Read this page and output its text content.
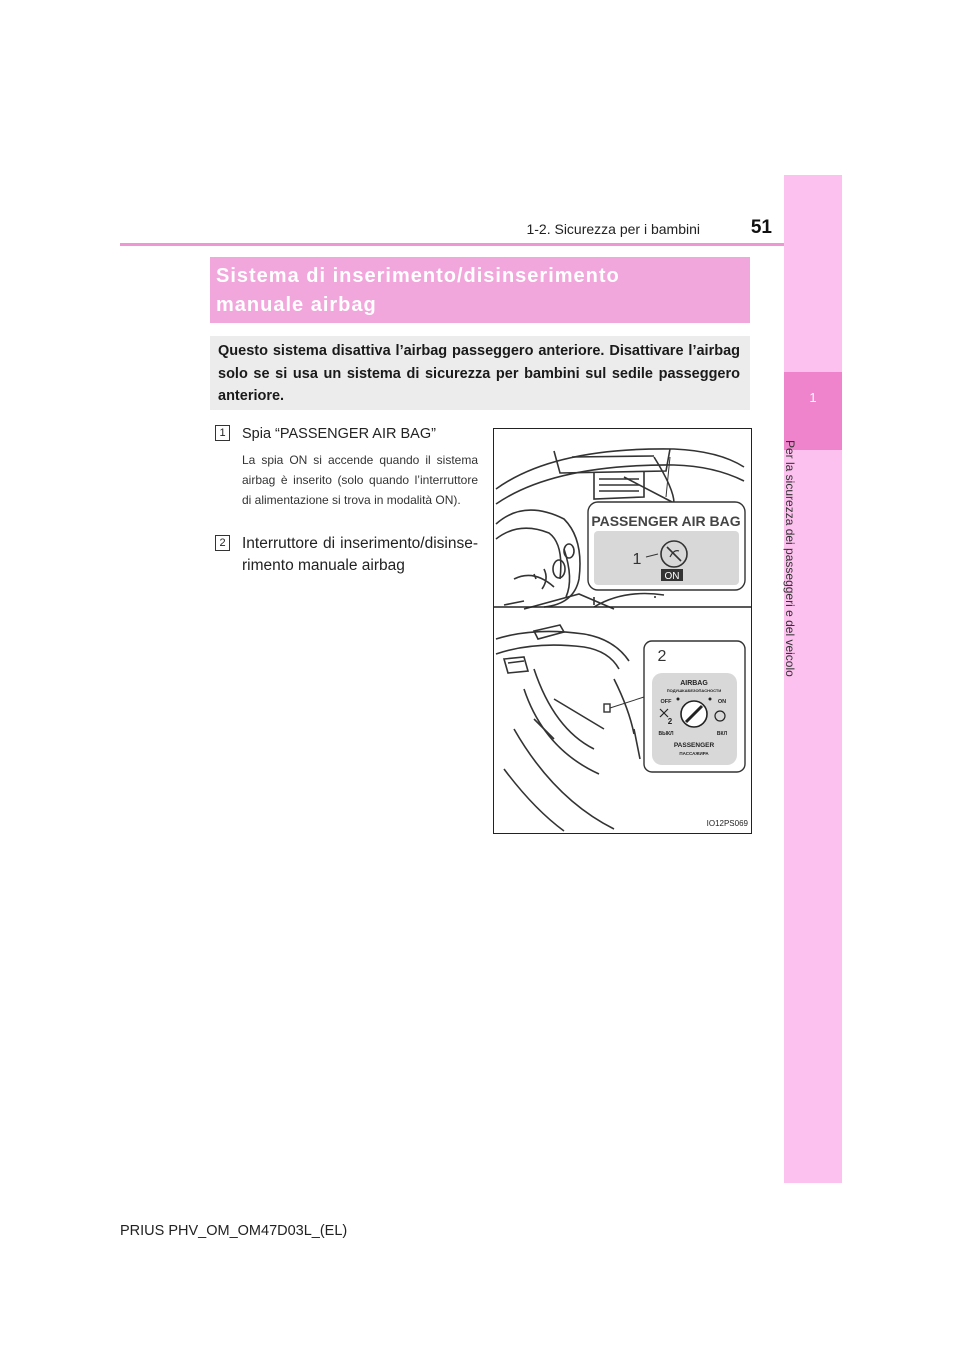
1-2. Sicurezza per i bambini	51
1
Per la sicurezza dei passeggeri e del veicolo
Sistema di inserimento/disinserimento
manuale airbag
Questo sistema disattiva l’airbag passeggero anteriore. Disattivare l’airbag solo se si usa un sistema di sicurezza per bambini sul sedile passeggero anteriore.
1	Spia “PASSENGER AIR BAG”
La spia ON si accende quando il sistema airbag è inserito (solo quando l’interruttore di alimentazione si trova in modalità ON).
2 Interruttore di inserimento/disinse-rimento manuale airbag
PASSENGER AIR BAG
ON
1
2
AIRBAG
ПОДУШКАБЕЗОПАСНОСТИ
OFF	ON
2
ВЫКЛ	ВКЛ
PASSENGER
ПАССАЖИРА
IO12PS069
PRIUS PHV_OM_OM47D03L_(EL)
